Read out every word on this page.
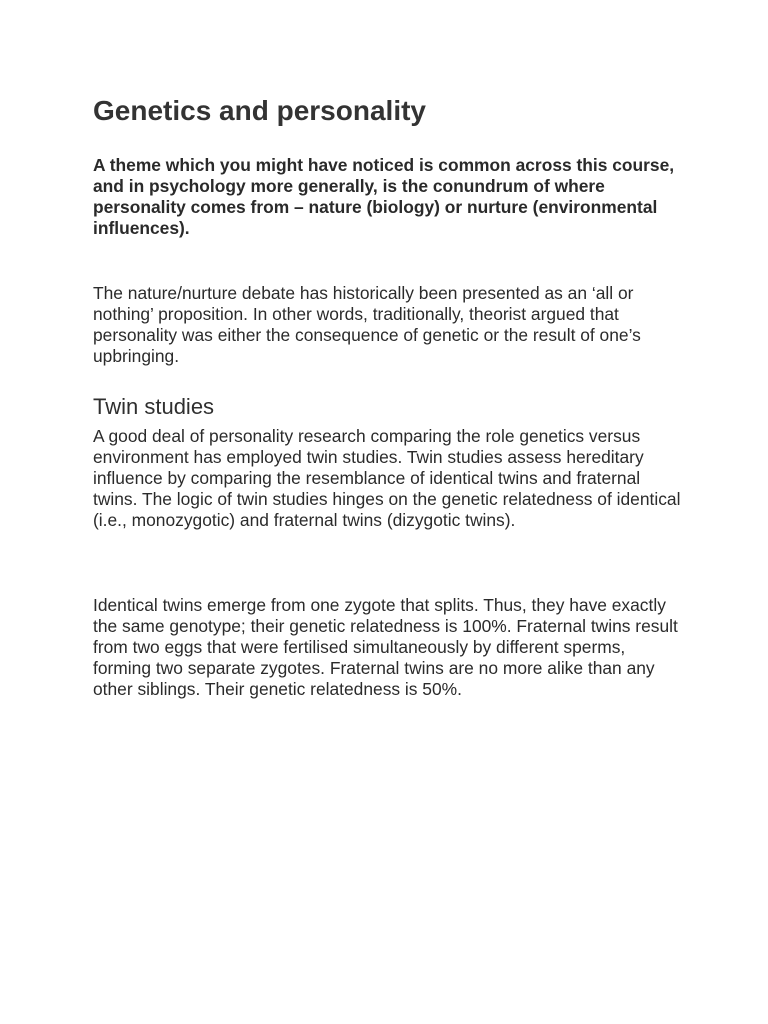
Genetics and personality

A theme which you might have noticed is common across this course, and in psychology more generally, is the conundrum of where personality comes from – nature (biology) or nurture (environmental influences).

The nature/nurture debate has historically been presented as an ‘all or nothing’ proposition. In other words, traditionally, theorist argued that personality was either the consequence of genetic or the result of one’s upbringing.

Twin studies

A good deal of personality research comparing the role genetics versus environment has employed twin studies. Twin studies assess hereditary influence by comparing the resemblance of identical twins and fraternal twins. The logic of twin studies hinges on the genetic relatedness of identical (i.e., monozygotic) and fraternal twins (dizygotic twins).

Identical twins emerge from one zygote that splits. Thus, they have exactly the same genotype; their genetic relatedness is 100%. Fraternal twins result from two eggs that were fertilised simultaneously by different sperms, forming two separate zygotes. Fraternal twins are no more alike than any other siblings. Their genetic relatedness is 50%.
